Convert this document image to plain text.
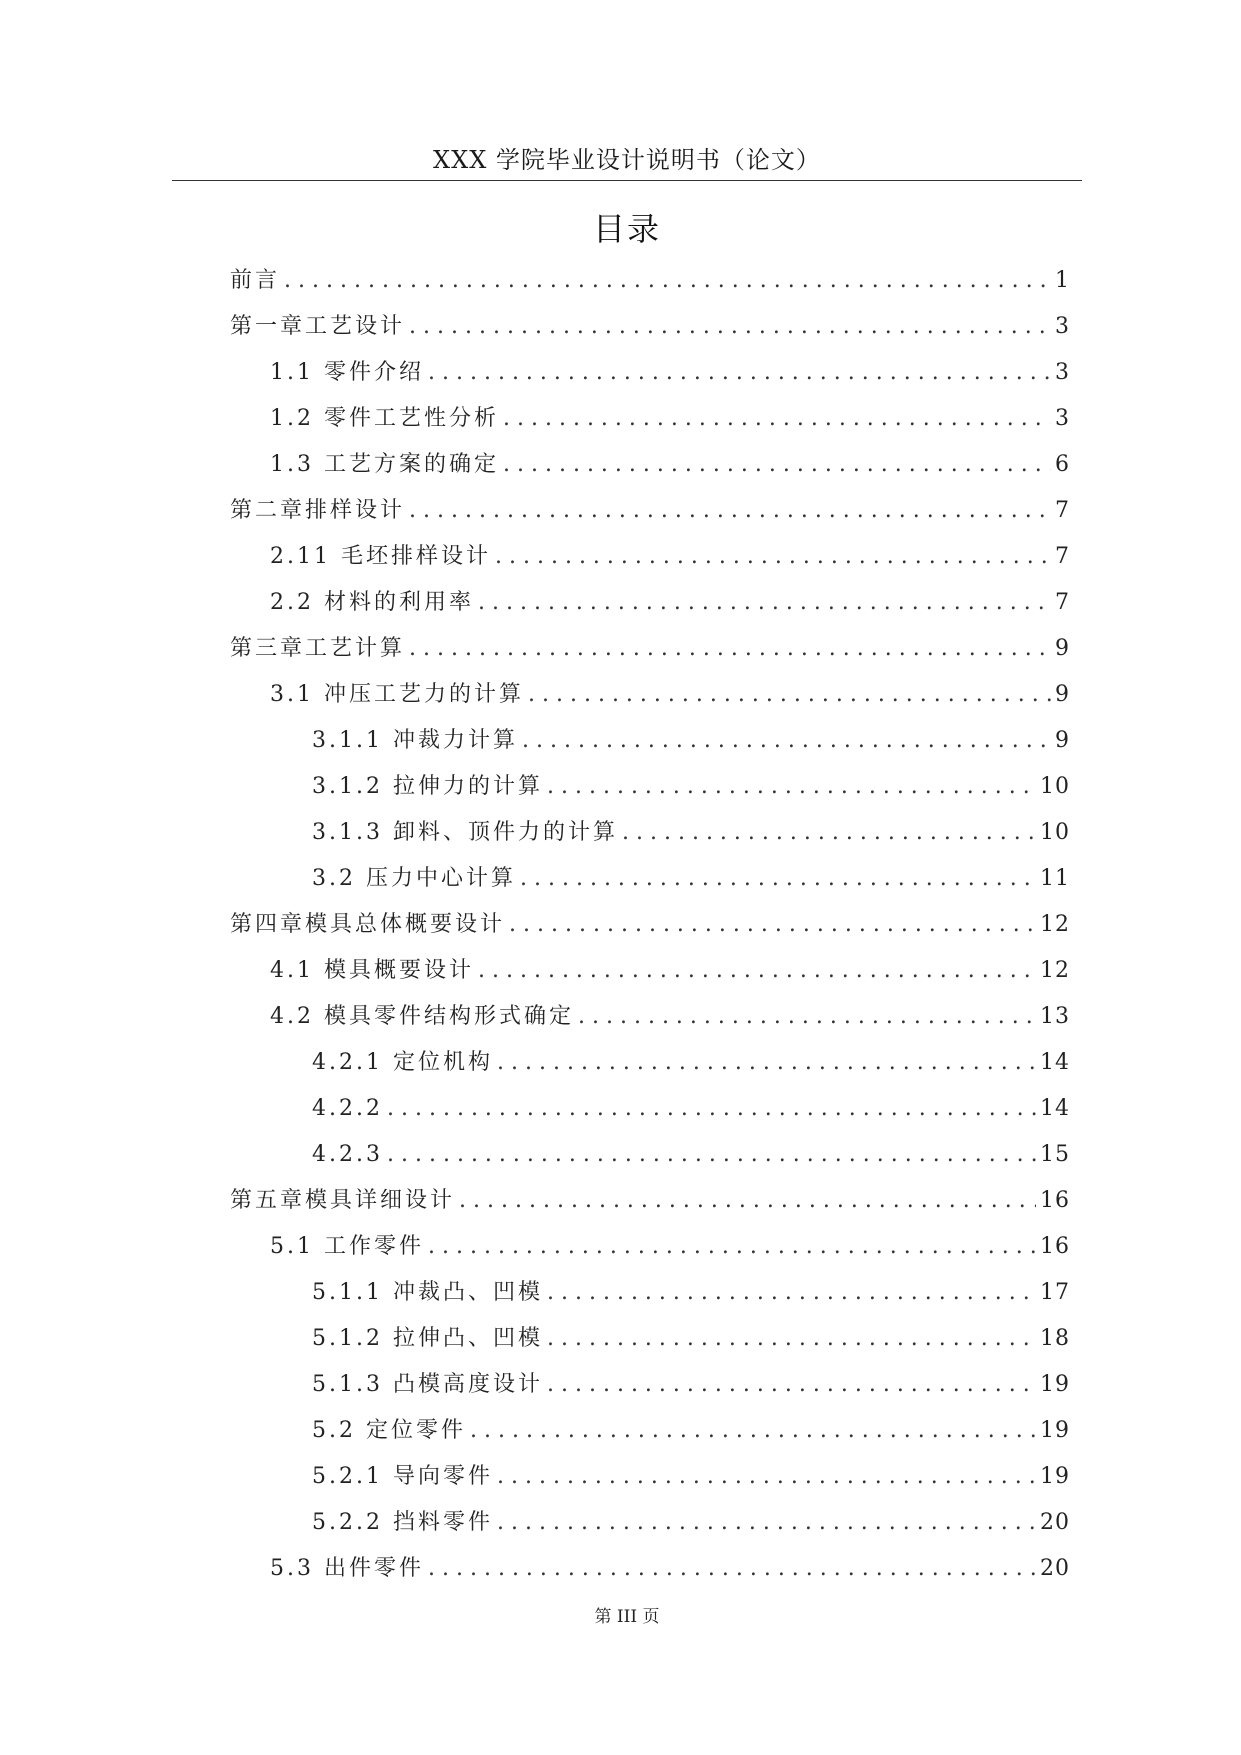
XXX 学院毕业设计说明书（论文）
目录
前言 .....	1
第一章工艺设计 .....	3
1.1 零件介绍 .....	3
1.2 零件工艺性分析 .....	3
1.3 工艺方案的确定 .....	6
第二章排样设计 .....	7
2.11 毛坯排样设计 .....	7
2.2 材料的利用率 .....	7
第三章工艺计算 .....	9
3.1 冲压工艺力的计算 .....	9
3.1.1 冲裁力计算 .....	9
3.1.2 拉伸力的计算 .....	10
3.1.3 卸料、顶件力的计算 .....	10
3.2 压力中心计算 .....	11
第四章模具总体概要设计 .....	12
4.1 模具概要设计 .....	12
4.2 模具零件结构形式确定 .....	13
4.2.1 定位机构 .....	14
4.2.2 .....	14
4.2.3 .....	15
第五章模具详细设计 .....	16
5.1 工作零件 .....	16
5.1.1 冲裁凸、凹模 .....	17
5.1.2 拉伸凸、凹模 .....	18
5.1.3 凸模高度设计 .....	19
5.2 定位零件 .....	19
5.2.1 导向零件 .....	19
5.2.2 挡料零件 .....	20
5.3 出件零件 .....	20
第 III 页
